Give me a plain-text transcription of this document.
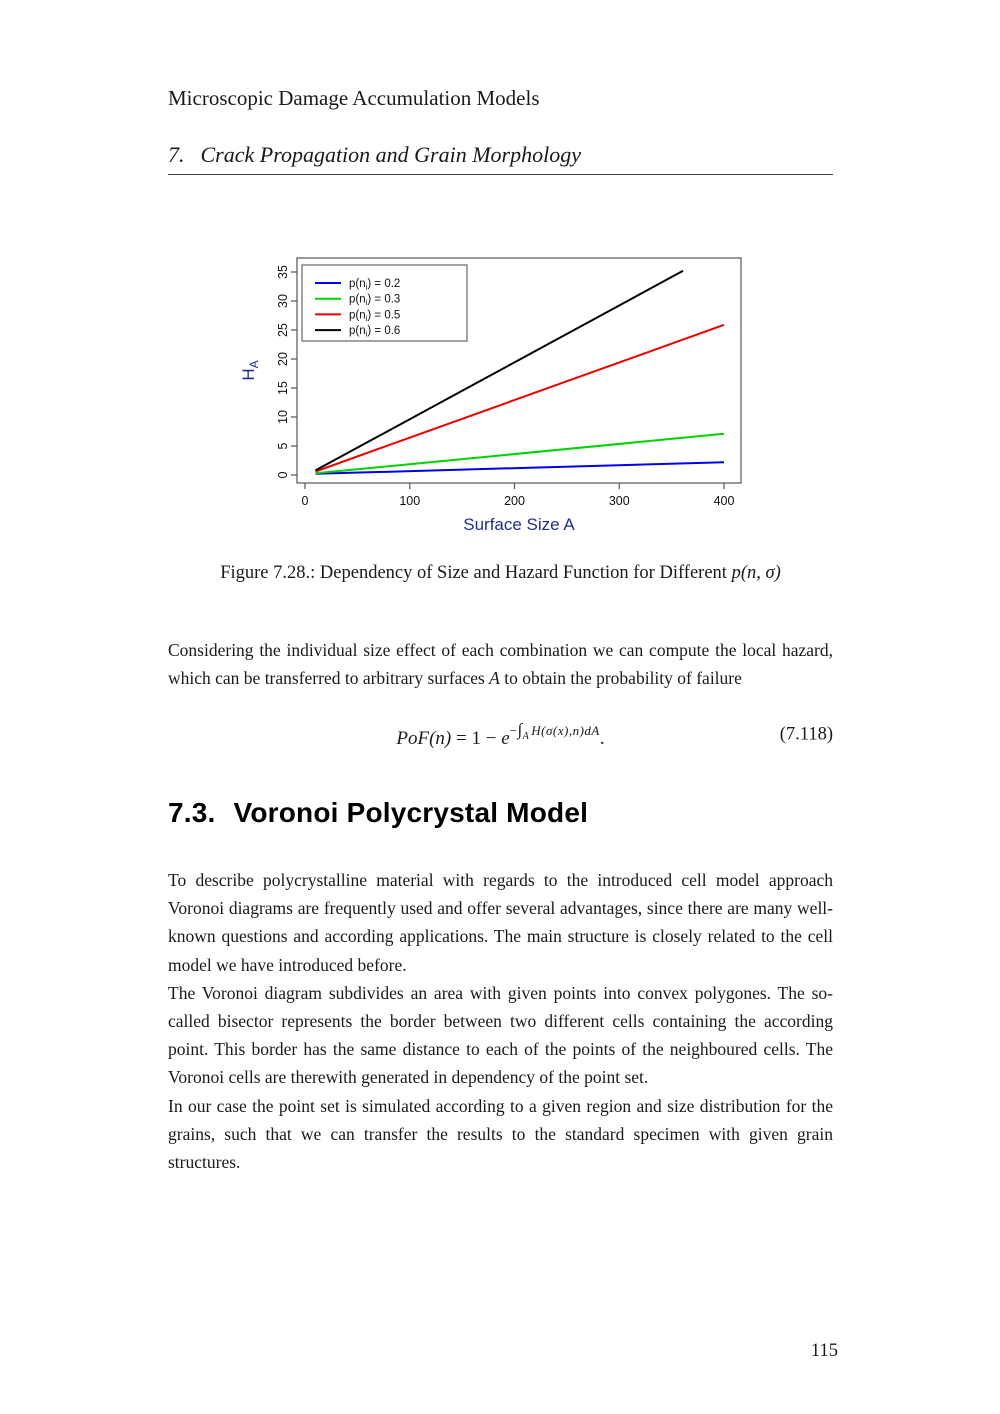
Microscopic Damage Accumulation Models
7. Crack Propagation and Grain Morphology
0	100	200	300	400
0
5
10
15
20
25
30
35
Surface Size A
$H_A$
$p(n_i) = 0.2$
$p(n_i) = 0.3$
$p(n_i) = 0.5$
$p(n_i) = 0.6$
Figure 7.28.: Dependency of Size and Hazard Function for Different p(n, σ)
Considering the individual size effect of each combination we can compute the local hazard, which can be transferred to arbitrary surfaces A to obtain the probability of failure
$PoF(n) = 1 - e^{-\int_A H(\sigma(x),n)dA}$.	(7.118)
7.3. Voronoi Polycrystal Model

To describe polycrystalline material with regards to the introduced cell model approach Voronoi diagrams are frequently used and offer several advantages, since there are many well-known questions and according applications. The main structure is closely related to the cell model we have introduced before.

The Voronoi diagram subdivides an area with given points into convex polygones. The so-called bisector represents the border between two different cells containing the according point. This border has the same distance to each of the points of the neighboured cells. The Voronoi cells are therewith generated in dependency of the point set.

In our case the point set is simulated according to a given region and size distribution for the grains, such that we can transfer the results to the standard specimen with given grain structures.

115
